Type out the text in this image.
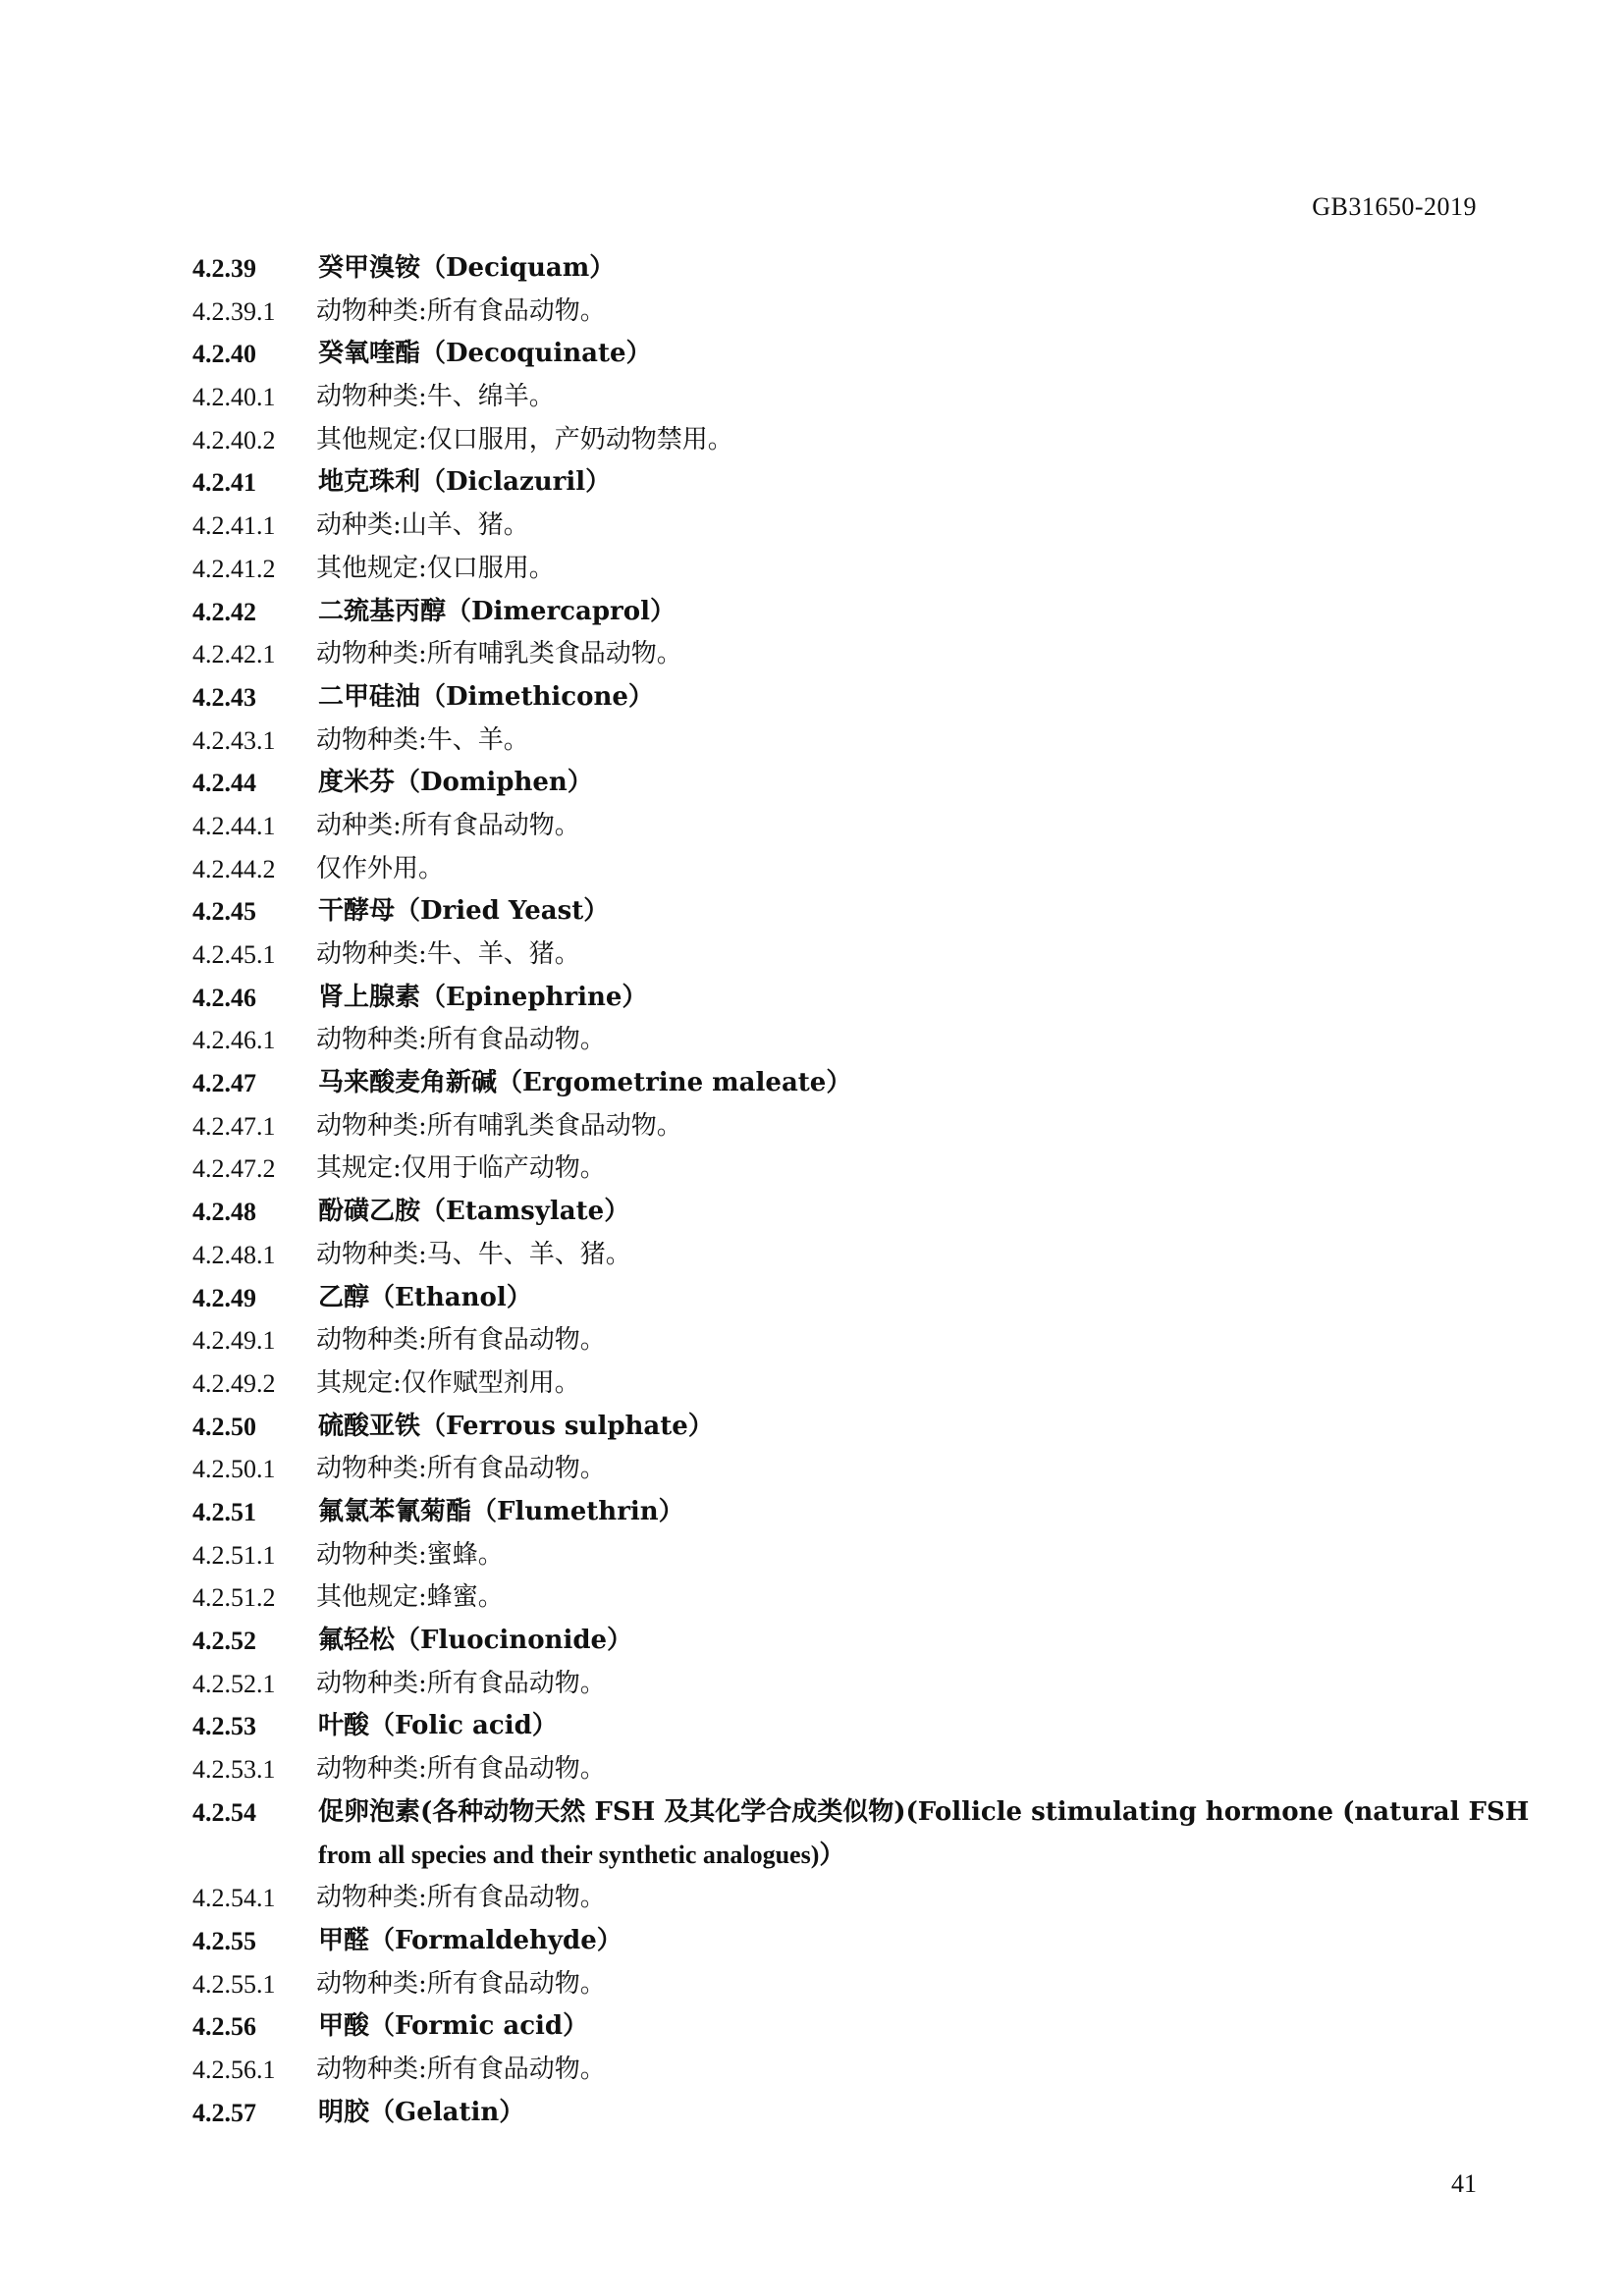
GB31650-2019
4.2.39 癸甲溴铵（Deciquam）
4.2.39.1 动物种类:所有食品动物。
4.2.40 癸氧喹酯（Decoquinate）
4.2.40.1 动物种类:牛、绵羊。
4.2.40.2 其他规定:仅口服用，产奶动物禁用。
4.2.41 地克珠利（Diclazuril）
4.2.41.1 动种类:山羊、猪。
4.2.41.2 其他规定:仅口服用。
4.2.42 二巯基丙醇（Dimercaprol）
4.2.42.1 动物种类:所有哺乳类食品动物。
4.2.43 二甲硅油（Dimethicone）
4.2.43.1 动物种类:牛、羊。
4.2.44 度米芬（Domiphen）
4.2.44.1 动种类:所有食品动物。
4.2.44.2 仅作外用。
4.2.45 干酵母（Dried Yeast）
4.2.45.1 动物种类:牛、羊、猪。
4.2.46 肾上腺素（Epinephrine）
4.2.46.1 动物种类:所有食品动物。
4.2.47 马来酸麦角新碱（Ergometrine maleate）
4.2.47.1 动物种类:所有哺乳类食品动物。
4.2.47.2 其规定:仅用于临产动物。
4.2.48 酚磺乙胺（Etamsylate）
4.2.48.1 动物种类:马、牛、羊、猪。
4.2.49 乙醇（Ethanol）
4.2.49.1 动物种类:所有食品动物。
4.2.49.2 其规定:仅作赋型剂用。
4.2.50 硫酸亚铁（Ferrous sulphate）
4.2.50.1 动物种类:所有食品动物。
4.2.51 氟氯苯氰菊酯（Flumethrin）
4.2.51.1 动物种类:蜜蜂。
4.2.51.2 其他规定:蜂蜜。
4.2.52 氟轻松（Fluocinonide）
4.2.52.1 动物种类:所有食品动物。
4.2.53 叶酸（Folic acid）
4.2.53.1 动物种类:所有食品动物。
4.2.54 促卵泡素(各种动物天然 FSH 及其化学合成类似物)(Follicle stimulating hormone (natural FSH
from all species and their synthetic analogues)）
4.2.54.1 动物种类:所有食品动物。
4.2.55 甲醛（Formaldehyde）
4.2.55.1 动物种类:所有食品动物。
4.2.56 甲酸（Formic acid）
4.2.56.1 动物种类:所有食品动物。
4.2.57 明胶（Gelatin）
41
